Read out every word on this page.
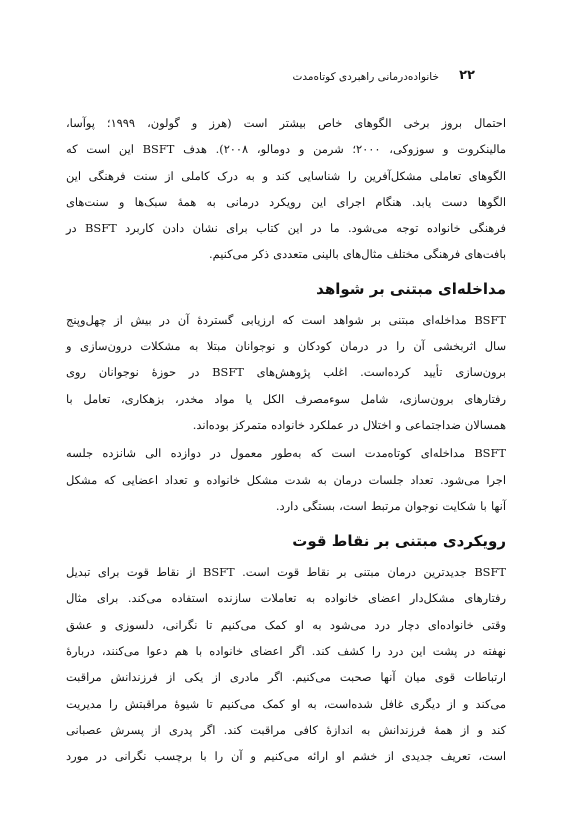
۲۲
خانواده‌درمانی راهبردی کوتاه‌مدت

احتمال بروز برخی الگوهای خاص بیشتر است (هرز و گولون، ۱۹۹۹؛ پوآسا،
مالینکروت و سوزوکی، ۲۰۰۰؛ شرمن و دومالو، ۲۰۰۸). هدف BSFT این است که
الگوهای تعاملی مشکل‌آفرین را شناسایی کند و به درک کاملی از سنت فرهنگی این
الگوها دست یابد. هنگام اجرای این رویکرد درمانی به همهٔ سبک‌ها و سنت‌های
فرهنگی خانواده توجه می‌شود. ما در این کتاب برای نشان دادن کاربرد BSFT در
بافت‌های فرهنگی مختلف مثال‌های بالینی متعددی ذکر می‌کنیم.

مداخله‌ای مبتنی بر شواهد

BSFT مداخله‌ای مبتنی بر شواهد است که ارزیابی گستردهٔ آن در بیش از چهل‌وپنج
سال اثربخشی آن را در درمان کودکان و نوجوانان مبتلا به مشکلات درون‌سازی و
برون‌سازی تأیید کرده‌است. اغلب پژوهش‌های BSFT در حوزهٔ نوجوانان روی
رفتارهای برون‌سازی، شامل سوءمصرف الکل یا مواد مخدر، بزهکاری، تعامل با
همسالان ضداجتماعی و اختلال در عملکرد خانواده متمرکز بوده‌اند.

BSFT مداخله‌ای کوتاه‌مدت است که به‌طور معمول در دوازده الی شانزده جلسه
اجرا می‌شود. تعداد جلسات درمان به شدت مشکل خانواده و تعداد اعضایی که مشکل
آنها با شکایت نوجوان مرتبط است، بستگی دارد.

رویکردی مبتنی بر نقاط قوت

BSFT جدیدترین درمان مبتنی بر نقاط قوت است. BSFT از نقاط قوت برای تبدیل
رفتارهای مشکل‌دار اعضای خانواده به تعاملات سازنده استفاده می‌کند. برای مثال
وقتی خانواده‌ای دچار درد می‌شود به او کمک می‌کنیم تا نگرانی، دلسوزی و عشق
نهفته در پشت این درد را کشف کند. اگر اعضای خانواده با هم دعوا می‌کنند، دربارهٔ
ارتباطات قوی میان آنها صحبت می‌کنیم. اگر مادری از یکی از فرزندانش مراقبت
می‌کند و از دیگری غافل شده‌است، به او کمک می‌کنیم تا شیوهٔ مراقبتش را مدیریت
کند و از همهٔ فرزندانش به اندازهٔ کافی مراقبت کند. اگر پدری از پسرش عصبانی
است، تعریف جدیدی از خشم او ارائه می‌کنیم و آن را با برچسب نگرانی در مورد
